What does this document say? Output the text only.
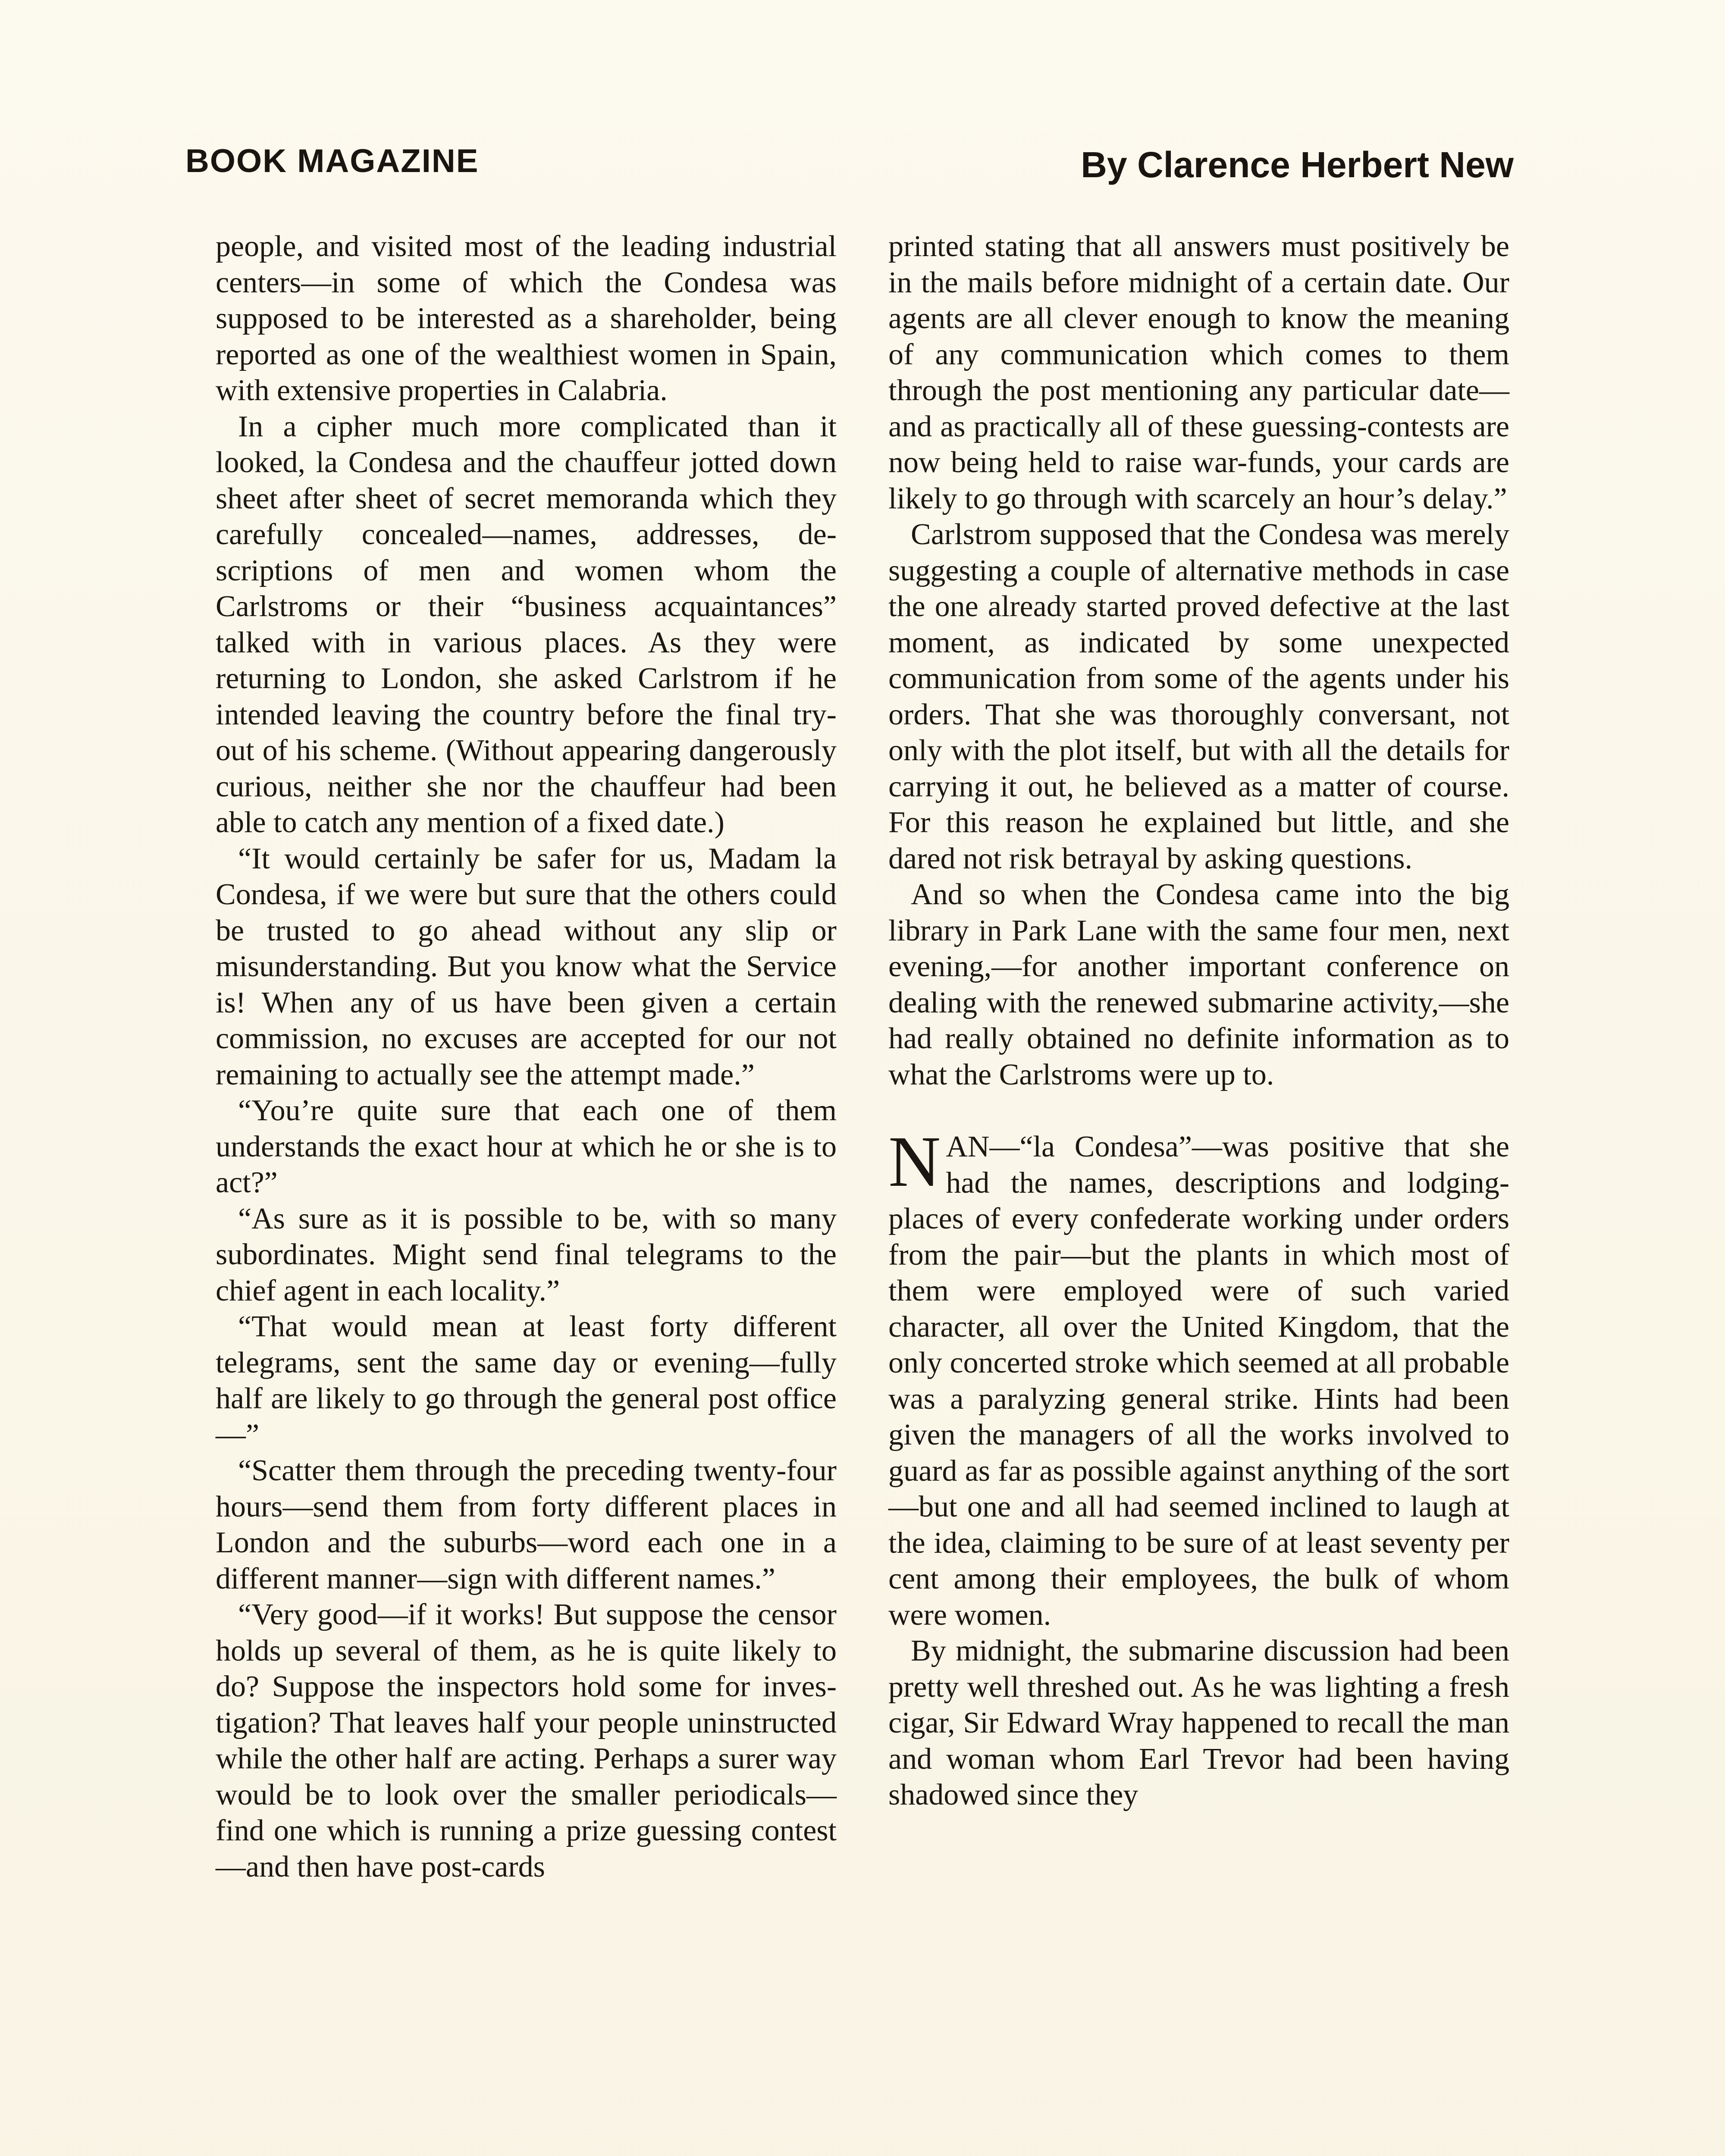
BOOK MAGAZINE	By Clarence Herbert New

people, and visited most of the leading industrial centers—in some of which the Condesa was supposed to be interested as a shareholder, being reported as one of the wealthiest women in Spain, with extensive properties in Calabria.

In a cipher much more complicated than it looked, la Condesa and the chauffeur jotted down sheet after sheet of secret memoranda which they carefully concealed—names, addresses, descriptions of men and women whom the Carlstroms or their “business acquaintances” talked with in various places. As they were returning to London, she asked Carlstrom if he intended leaving the country before the final try-out of his scheme. (Without appearing dangerously curious, neither she nor the chauffeur had been able to catch any mention of a fixed date.)

“It would certainly be safer for us, Madam la Condesa, if we were but sure that the others could be trusted to go ahead without any slip or misunderstanding. But you know what the Service is! When any of us have been given a certain commission, no excuses are accepted for our not remaining to actually see the attempt made.”

“You’re quite sure that each one of them understands the exact hour at which he or she is to act?”

“As sure as it is possible to be, with so many subordinates. Might send final telegrams to the chief agent in each locality.”

“That would mean at least forty different telegrams, sent the same day or evening—fully half are likely to go through the general post office—”

“Scatter them through the preceding twenty-four hours—send them from forty different places in London and the suburbs—word each one in a different manner—sign with different names.”

“Very good—if it works! But suppose the censor holds up several of them, as he is quite likely to do? Suppose the inspectors hold some for investigation? That leaves half your people uninstructed while the other half are acting. Perhaps a surer way would be to look over the smaller periodicals—find one which is running a prize guessing contest—and then have post-cards

printed stating that all answers must positively be in the mails before midnight of a certain date. Our agents are all clever enough to know the meaning of any communication which comes to them through the post mentioning any particular date—and as practically all of these guessing-contests are now being held to raise war-funds, your cards are likely to go through with scarcely an hour’s delay.”

Carlstrom supposed that the Condesa was merely suggesting a couple of alternative methods in case the one already started proved defective at the last moment, as indicated by some unexpected communication from some of the agents under his orders. That she was thoroughly conversant, not only with the plot itself, but with all the details for carrying it out, he believed as a matter of course. For this reason he explained but little, and she dared not risk betrayal by asking questions.

And so when the Condesa came into the big library in Park Lane with the same four men, next evening,—for another important conference on dealing with the renewed submarine activity,—she had really obtained no definite information as to what the Carlstroms were up to.

NAN—“la Condesa”—was positive that she had the names, descriptions and lodging-places of every confederate working under orders from the pair—but the plants in which most of them were employed were of such varied character, all over the United Kingdom, that the only concerted stroke which seemed at all probable was a paralyzing general strike. Hints had been given the managers of all the works involved to guard as far as possible against anything of the sort—but one and all had seemed inclined to laugh at the idea, claiming to be sure of at least seventy per cent among their employees, the bulk of whom were women.

By midnight, the submarine discussion had been pretty well threshed out. As he was lighting a fresh cigar, Sir Edward Wray happened to recall the man and woman whom Earl Trevor had been having shadowed since they
